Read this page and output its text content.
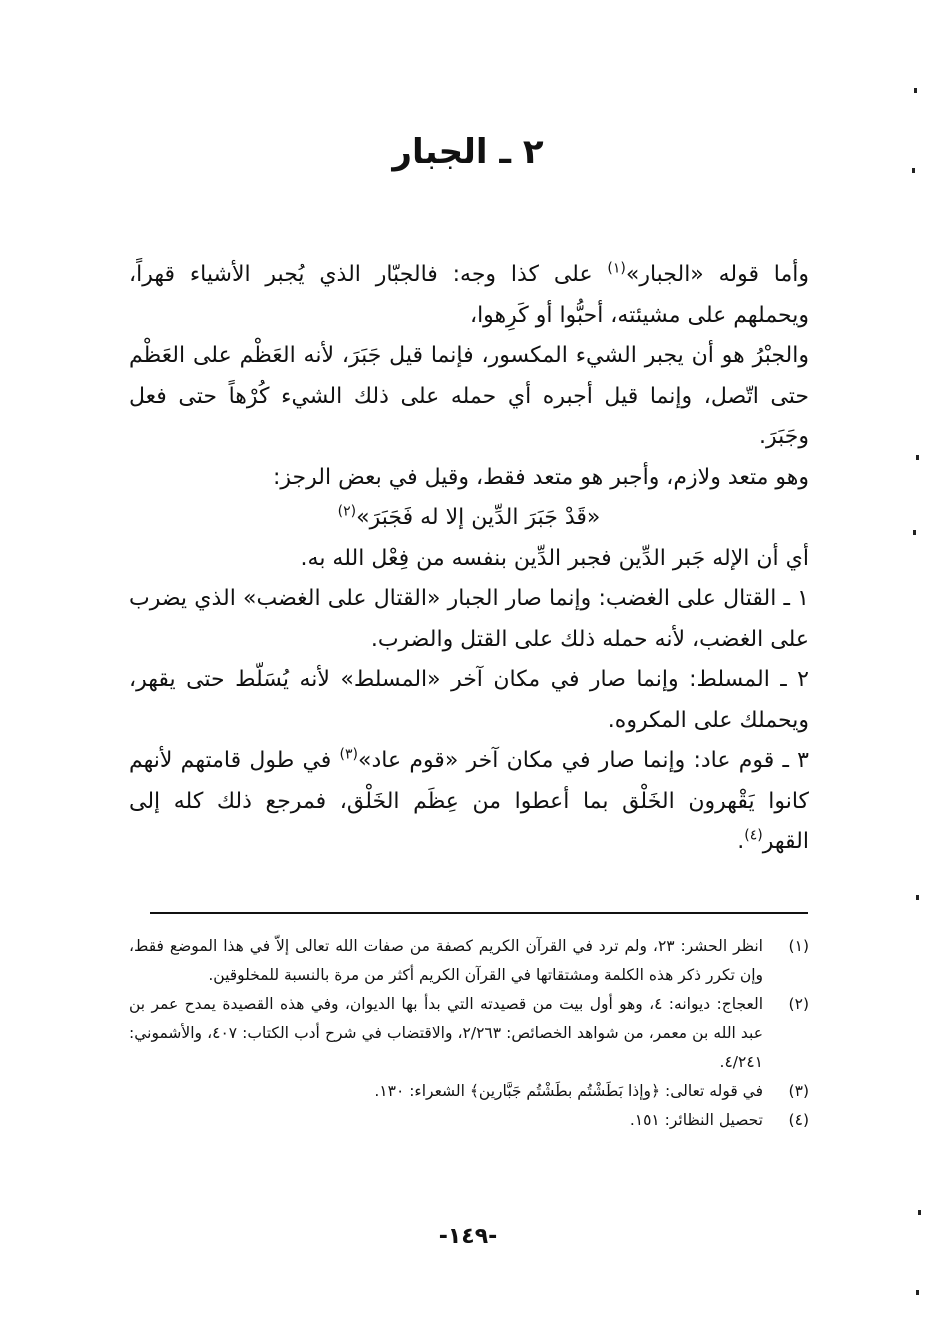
٢ ـ الجبار

وأما قوله «الجبار»$^{(١)}$ على كذا وجه: فالجبّار الذي يُجبر الأشياء قهراً، ويحملهم على مشيئته، أحبُّوا أو كَرِهوا،

والجبْرُ هو أن يجبر الشيء المكسور، فإنما قيل جَبَرَ، لأنه العَظْم على العَظْم حتى اتّصل، وإنما قيل أجبره أي حمله على ذلك الشيء كُرْهاً حتى فعل وجَبَرَ.

وهو متعد ولازم، وأجبر هو متعد فقط، وقيل في بعض الرجز:

«قَدْ جَبَرَ الدِّين إلا له فَجَبَرَ»$^{(٢)}$

أي أن الإله جَبر الدِّين فجبر الدِّين بنفسه من فِعْل الله به.

١ ـ القتال على الغضب: وإنما صار الجبار «القتال على الغضب» الذي يضرب على الغضب، لأنه حمله ذلك على القتل والضرب.

٢ ـ المسلط: وإنما صار في مكان آخر «المسلط» لأنه يُسَلّط حتى يقهر، ويحملك على المكروه.

٣ ـ قوم عاد: وإنما صار في مكان آخر «قوم عاد»$^{(٣)}$ في طول قامتهم لأنهم كانوا يَقْهرون الخَلْق بما أعطوا من عِظَم الخَلْق، فمرجع ذلك كله إلى القهر$^{(٤)}$.

(١)
انظر الحشر: ٢٣، ولم ترد في القرآن الكريم كصفة من صفات الله تعالى إلاّ في هذا الموضع فقط، وإن تكرر ذكر هذه الكلمة ومشتقاتها في القرآن الكريم أكثر من مرة بالنسبة للمخلوقين.
(٢)
العجاج: ديوانه: ٤، وهو أول بيت من قصيدته التي بدأ بها الديوان، وفي هذه القصيدة يمدح عمر بن عبد الله بن معمر، من شواهد الخصائص: ٢/٢٦٣، والاقتضاب في شرح أدب الكتاب: ٤٠٧، والأشموني: ٤/٢٤١.
(٣)
في قوله تعالى: ﴿وإذا بَطَشْتُم بطَشْتُم جَبَّارين﴾ الشعراء: ١٣٠.
(٤)
تحصيل النظائر: ١٥١.
-١٤٩-
